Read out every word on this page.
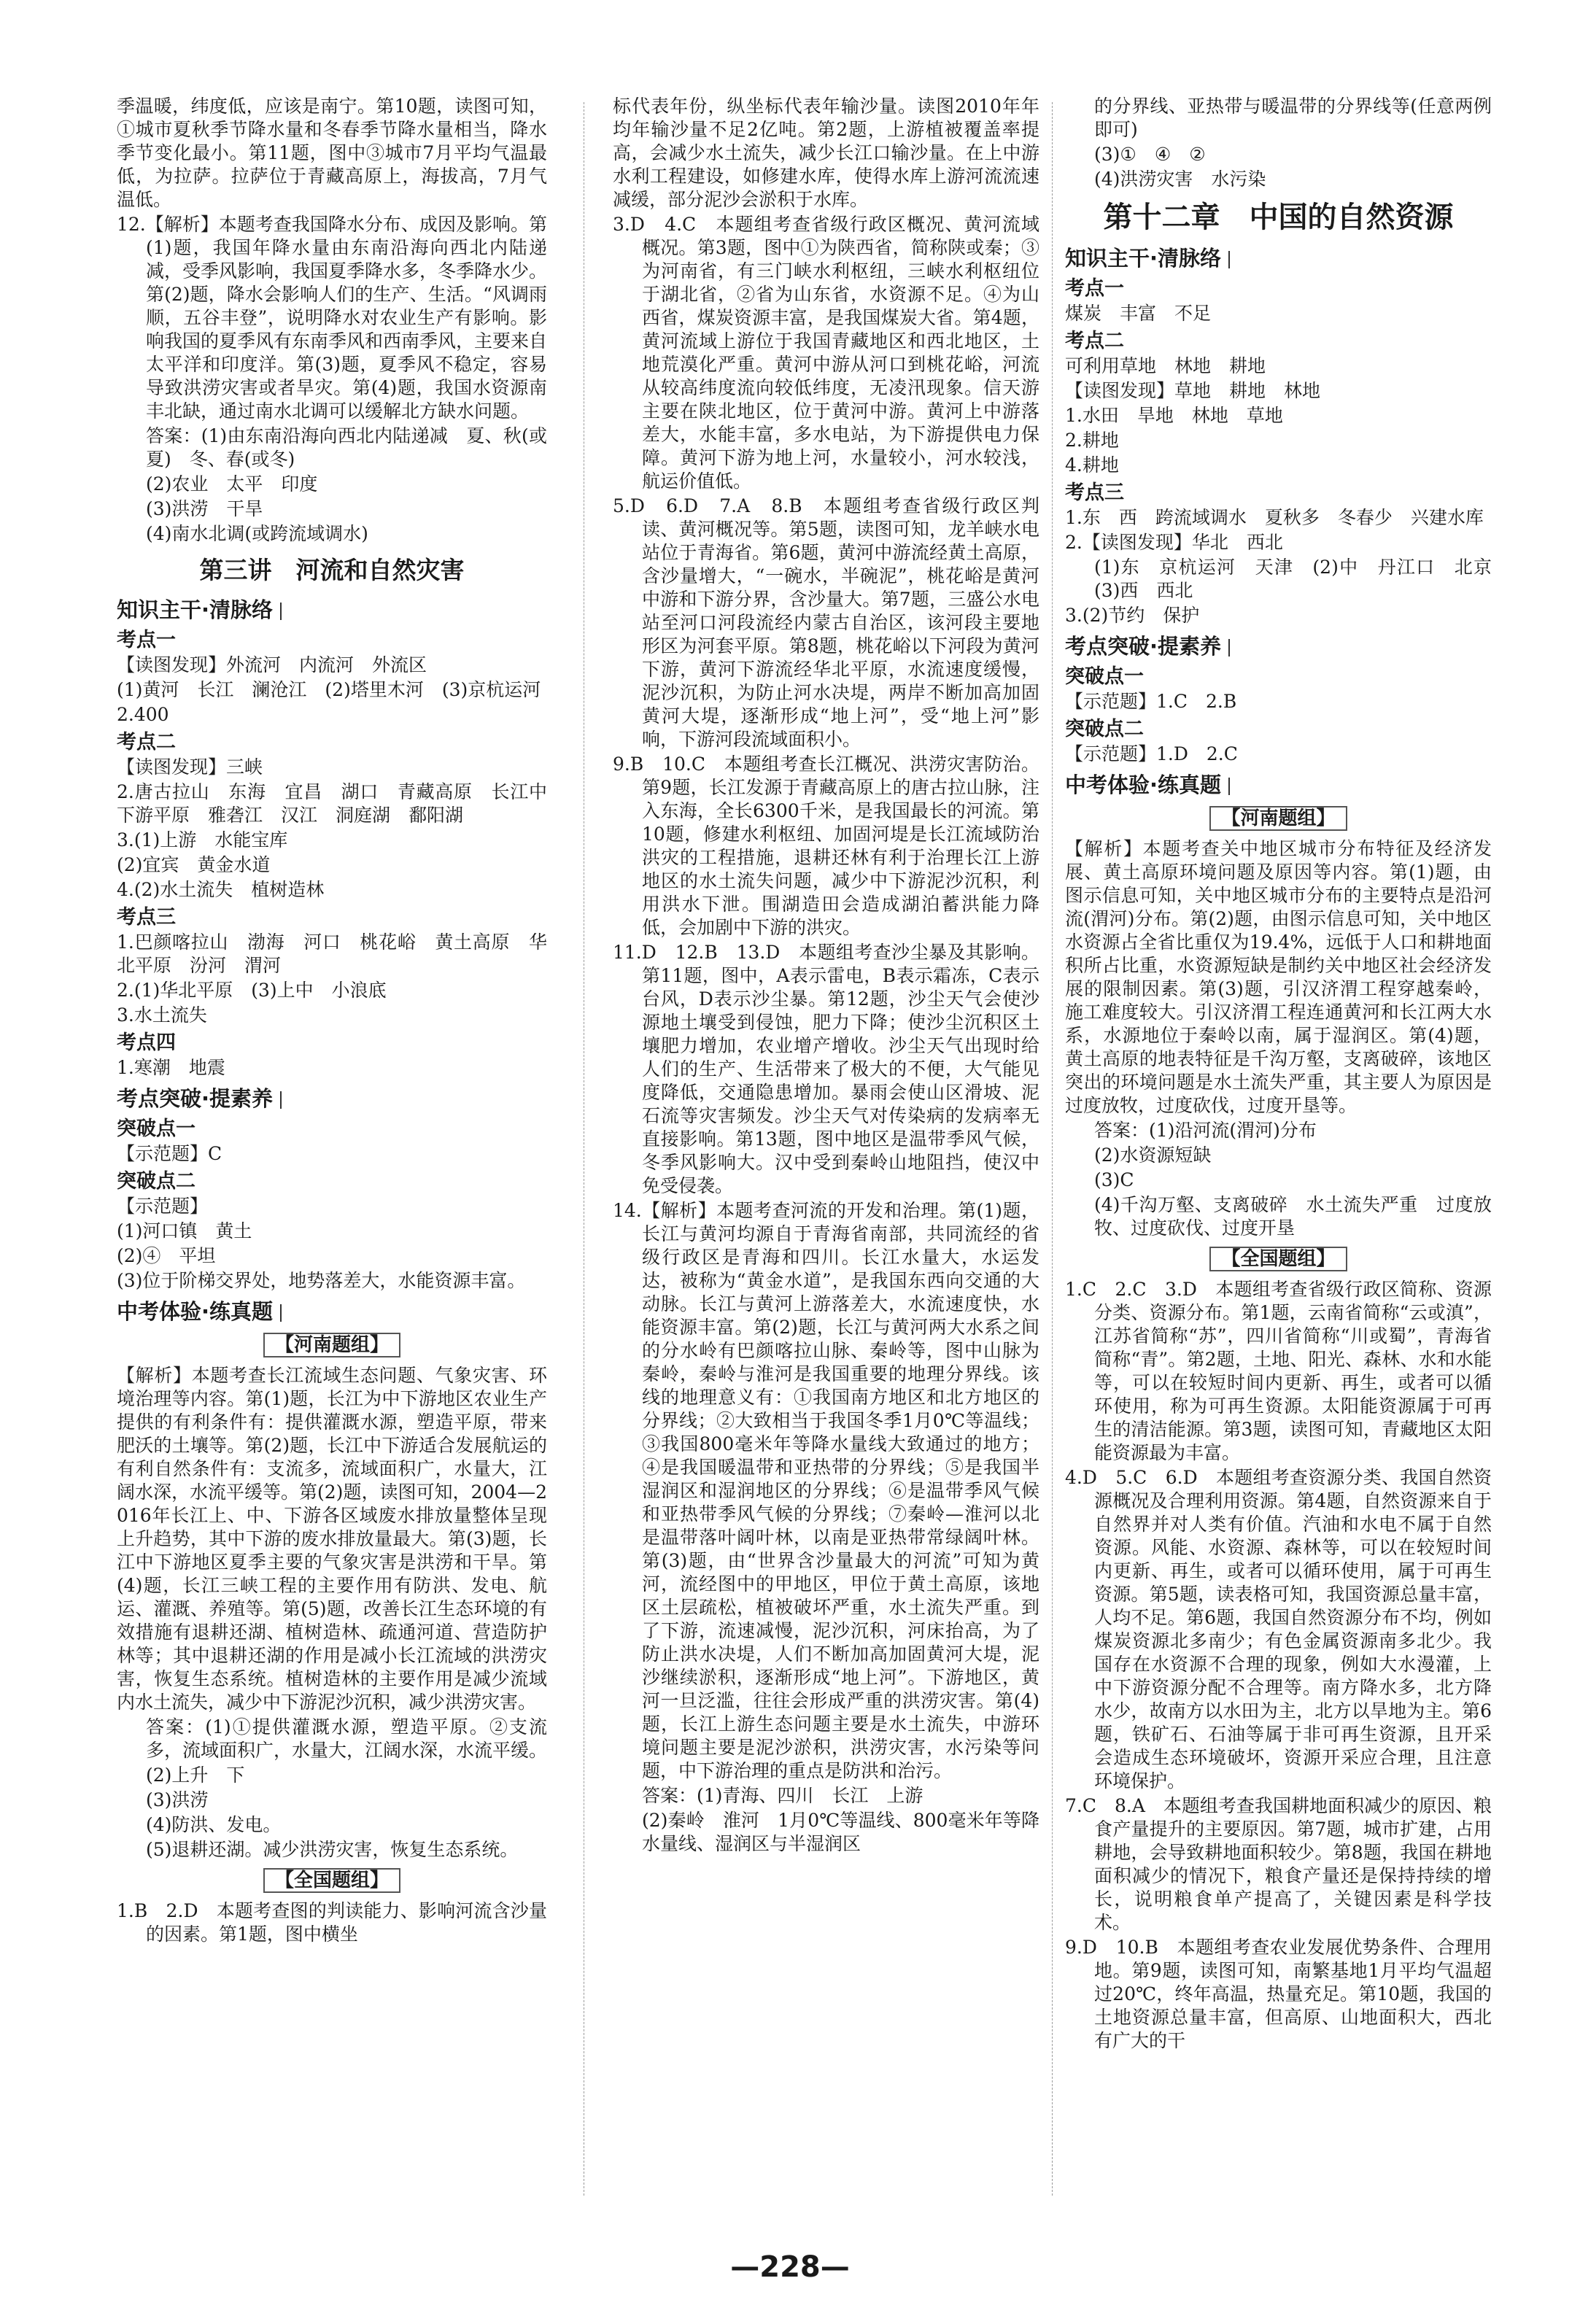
季温暖，纬度低，应该是南宁。第10题，读图可知，①城市夏秋季节降水量和冬春季节降水量相当，降水季节变化最小。第11题，图中③城市7月平均气温最低，为拉萨。拉萨位于青藏高原上，海拔高，7月气温低。
12.【解析】本题考查我国降水分布、成因及影响。第(1)题，我国年降水量由东南沿海向西北内陆递减，受季风影响，我国夏季降水多，冬季降水少。第(2)题，降水会影响人们的生产、生活。“风调雨顺，五谷丰登”，说明降水对农业生产有影响。影响我国的夏季风有东南季风和西南季风，主要来自太平洋和印度洋。第(3)题，夏季风不稳定，容易导致洪涝灾害或者旱灾。第(4)题，我国水资源南丰北缺，通过南水北调可以缓解北方缺水问题。
答案：(1)由东南沿海向西北内陆递减　夏、秋(或夏)　冬、春(或冬)
(2)农业　太平　印度
(3)洪涝　干旱
(4)南水北调(或跨流域调水)
第三讲　河流和自然灾害
知识主干·清脉络
考点一
【读图发现】外流河　内流河　外流区
(1)黄河　长江　澜沧江　(2)塔里木河　(3)京杭运河
2.400
考点二
【读图发现】三峡
2.唐古拉山　东海　宜昌　湖口　青藏高原　长江中下游平原　雅砻江　汉江　洞庭湖　鄱阳湖
3.(1)上游　水能宝库
(2)宜宾　黄金水道
4.(2)水土流失　植树造林
考点三
1.巴颜喀拉山　渤海　河口　桃花峪　黄土高原　华北平原　汾河　渭河
2.(1)华北平原　(3)上中　小浪底
3.水土流失
考点四
1.寒潮　地震
考点突破·提素养
突破点一
【示范题】C
突破点二
【示范题】
(1)河口镇　黄土
(2)④　平坦
(3)位于阶梯交界处，地势落差大，水能资源丰富。
中考体验·练真题
【河南题组】
【解析】本题考查长江流域生态问题、气象灾害、环境治理等内容。第(1)题，长江为中下游地区农业生产提供的有利条件有：提供灌溉水源，塑造平原，带来肥沃的土壤等。第(2)题，长江中下游适合发展航运的有利自然条件有：支流多，流域面积广，水量大，江阔水深，水流平缓等。第(2)题，读图可知，2004—2016年长江上、中、下游各区域废水排放量整体呈现上升趋势，其中下游的废水排放量最大。第(3)题，长江中下游地区夏季主要的气象灾害是洪涝和干旱。第(4)题，长江三峡工程的主要作用有防洪、发电、航运、灌溉、养殖等。第(5)题，改善长江生态环境的有效措施有退耕还湖、植树造林、疏通河道、营造防护林等；其中退耕还湖的作用是减小长江流域的洪涝灾害，恢复生态系统。植树造林的主要作用是减少流域内水土流失，减少中下游泥沙沉积，减少洪涝灾害。
答案：(1)①提供灌溉水源，塑造平原。②支流多，流域面积广，水量大，江阔水深，水流平缓。
(2)上升　下
(3)洪涝
(4)防洪、发电。
(5)退耕还湖。减少洪涝灾害，恢复生态系统。
【全国题组】
1.B　2.D　本题考查图的判读能力、影响河流含沙量的因素。第1题，图中横坐
标代表年份，纵坐标代表年输沙量。读图2010年年均年输沙量不足2亿吨。第2题，上游植被覆盖率提高，会减少水土流失，减少长江口输沙量。在上中游水利工程建设，如修建水库，使得水库上游河流流速减缓，部分泥沙会淤积于水库。
3.D　4.C　本题组考查省级行政区概况、黄河流域概况。第3题，图中①为陕西省，简称陕或秦；③为河南省，有三门峡水利枢纽，三峡水利枢纽位于湖北省，②省为山东省，水资源不足。④为山西省，煤炭资源丰富，是我国煤炭大省。第4题，黄河流域上游位于我国青藏地区和西北地区，土地荒漠化严重。黄河中游从河口到桃花峪，河流从较高纬度流向较低纬度，无凌汛现象。信天游主要在陕北地区，位于黄河中游。黄河上中游落差大，水能丰富，多水电站，为下游提供电力保障。黄河下游为地上河，水量较小，河水较浅，航运价值低。
5.D　6.D　7.A　8.B　本题组考查省级行政区判读、黄河概况等。第5题，读图可知，龙羊峡水电站位于青海省。第6题，黄河中游流经黄土高原，含沙量增大，“一碗水，半碗泥”，桃花峪是黄河中游和下游分界，含沙量大。第7题，三盛公水电站至河口河段流经内蒙古自治区，该河段主要地形区为河套平原。第8题，桃花峪以下河段为黄河下游，黄河下游流经华北平原，水流速度缓慢，泥沙沉积，为防止河水决堤，两岸不断加高加固黄河大堤，逐渐形成“地上河”，受“地上河”影响，下游河段流域面积小。
9.B　10.C　本题组考查长江概况、洪涝灾害防治。第9题，长江发源于青藏高原上的唐古拉山脉，注入东海，全长6300千米，是我国最长的河流。第10题，修建水利枢纽、加固河堤是长江流域防治洪灾的工程措施，退耕还林有利于治理长江上游地区的水土流失问题，减少中下游泥沙沉积，利用洪水下泄。围湖造田会造成湖泊蓄洪能力降低，会加剧中下游的洪灾。
11.D　12.B　13.D　本题组考查沙尘暴及其影响。第11题，图中，A表示雷电，B表示霜冻，C表示台风，D表示沙尘暴。第12题，沙尘天气会使沙源地土壤受到侵蚀，肥力下降；使沙尘沉积区土壤肥力增加，农业增产增收。沙尘天气出现时给人们的生产、生活带来了极大的不便，大气能见度降低，交通隐患增加。暴雨会使山区滑坡、泥石流等灾害频发。沙尘天气对传染病的发病率无直接影响。第13题，图中地区是温带季风气候，冬季风影响大。汉中受到秦岭山地阻挡，使汉中免受侵袭。
14.【解析】本题考查河流的开发和治理。第(1)题，长江与黄河均源自于青海省南部，共同流经的省级行政区是青海和四川。长江水量大，水运发达，被称为“黄金水道”，是我国东西向交通的大动脉。长江与黄河上游落差大，水流速度快，水能资源丰富。第(2)题，长江与黄河两大水系之间的分水岭有巴颜喀拉山脉、秦岭等，图中山脉为秦岭，秦岭与淮河是我国重要的地理分界线。该线的地理意义有：①我国南方地区和北方地区的分界线；②大致相当于我国冬季1月0℃等温线；③我国800毫米年等降水量线大致通过的地方；④是我国暖温带和亚热带的分界线；⑤是我国半湿润区和湿润地区的分界线；⑥是温带季风气候和亚热带季风气候的分界线；⑦秦岭—淮河以北是温带落叶阔叶林，以南是亚热带常绿阔叶林。第(3)题，由“世界含沙量最大的河流”可知为黄河，流经图中的甲地区，甲位于黄土高原，该地区土层疏松，植被破坏严重，水土流失严重。到了下游，流速减慢，泥沙沉积，河床抬高，为了防止洪水决堤，人们不断加高加固黄河大堤，泥沙继续淤积，逐渐形成“地上河”。下游地区，黄河一旦泛滥，往往会形成严重的洪涝灾害。第(4)题，长江上游生态问题主要是水土流失，中游环境问题主要是泥沙淤积，洪涝灾害，水污染等问题，中下游治理的重点是防洪和治污。
答案：(1)青海、四川　长江　上游
(2)秦岭　淮河　1月0℃等温线、800毫米年等降水量线、湿润区与半湿润区
的分界线、亚热带与暖温带的分界线等(任意两例即可)
(3)①　④　②
(4)洪涝灾害　水污染
第十二章　中国的自然资源
知识主干·清脉络
考点一
煤炭　丰富　不足
考点二
可利用草地　林地　耕地
【读图发现】草地　耕地　林地
1.水田　旱地　林地　草地
2.耕地
4.耕地
考点三
1.东　西　跨流域调水　夏秋多　冬春少　兴建水库
2.【读图发现】华北　西北
(1)东　京杭运河　天津　(2)中　丹江口　北京　(3)西　西北
3.(2)节约　保护
考点突破·提素养
突破点一
【示范题】1.C　2.B
突破点二
【示范题】1.D　2.C
中考体验·练真题
【河南题组】
【解析】本题考查关中地区城市分布特征及经济发展、黄土高原环境问题及原因等内容。第(1)题，由图示信息可知，关中地区城市分布的主要特点是沿河流(渭河)分布。第(2)题，由图示信息可知，关中地区水资源占全省比重仅为19.4%，远低于人口和耕地面积所占比重，水资源短缺是制约关中地区社会经济发展的限制因素。第(3)题，引汉济渭工程穿越秦岭，施工难度较大。引汉济渭工程连通黄河和长江两大水系，水源地位于秦岭以南，属于湿润区。第(4)题，黄土高原的地表特征是千沟万壑，支离破碎，该地区突出的环境问题是水土流失严重，其主要人为原因是过度放牧，过度砍伐，过度开垦等。
答案：(1)沿河流(渭河)分布
(2)水资源短缺
(3)C
(4)千沟万壑、支离破碎　水土流失严重　过度放牧、过度砍伐、过度开垦
【全国题组】
1.C　2.C　3.D　本题组考查省级行政区简称、资源分类、资源分布。第1题，云南省简称“云或滇”，江苏省简称“苏”，四川省简称“川或蜀”，青海省简称“青”。第2题，土地、阳光、森林、水和水能等，可以在较短时间内更新、再生，或者可以循环使用，称为可再生资源。太阳能资源属于可再生的清洁能源。第3题，读图可知，青藏地区太阳能资源最为丰富。
4.D　5.C　6.D　本题组考查资源分类、我国自然资源概况及合理利用资源。第4题，自然资源来自于自然界并对人类有价值。汽油和水电不属于自然资源。风能、水资源、森林等，可以在较短时间内更新、再生，或者可以循环使用，属于可再生资源。第5题，读表格可知，我国资源总量丰富，人均不足。第6题，我国自然资源分布不均，例如煤炭资源北多南少；有色金属资源南多北少。我国存在水资源不合理的现象，例如大水漫灌，上中下游资源分配不合理等。南方降水多，北方降水少，故南方以水田为主，北方以旱地为主。第6题，铁矿石、石油等属于非可再生资源，且开采会造成生态环境破坏，资源开采应合理，且注意环境保护。
7.C　8.A　本题组考查我国耕地面积减少的原因、粮食产量提升的主要原因。第7题，城市扩建，占用耕地，会导致耕地面积较少。第8题，我国在耕地面积减少的情况下，粮食产量还是保持持续的增长，说明粮食单产提高了，关键因素是科学技术。
9.D　10.B　本题组考查农业发展优势条件、合理用地。第9题，读图可知，南繁基地1月平均气温超过20℃，终年高温，热量充足。第10题，我国的土地资源总量丰富，但高原、山地面积大，西北有广大的干
—228—
